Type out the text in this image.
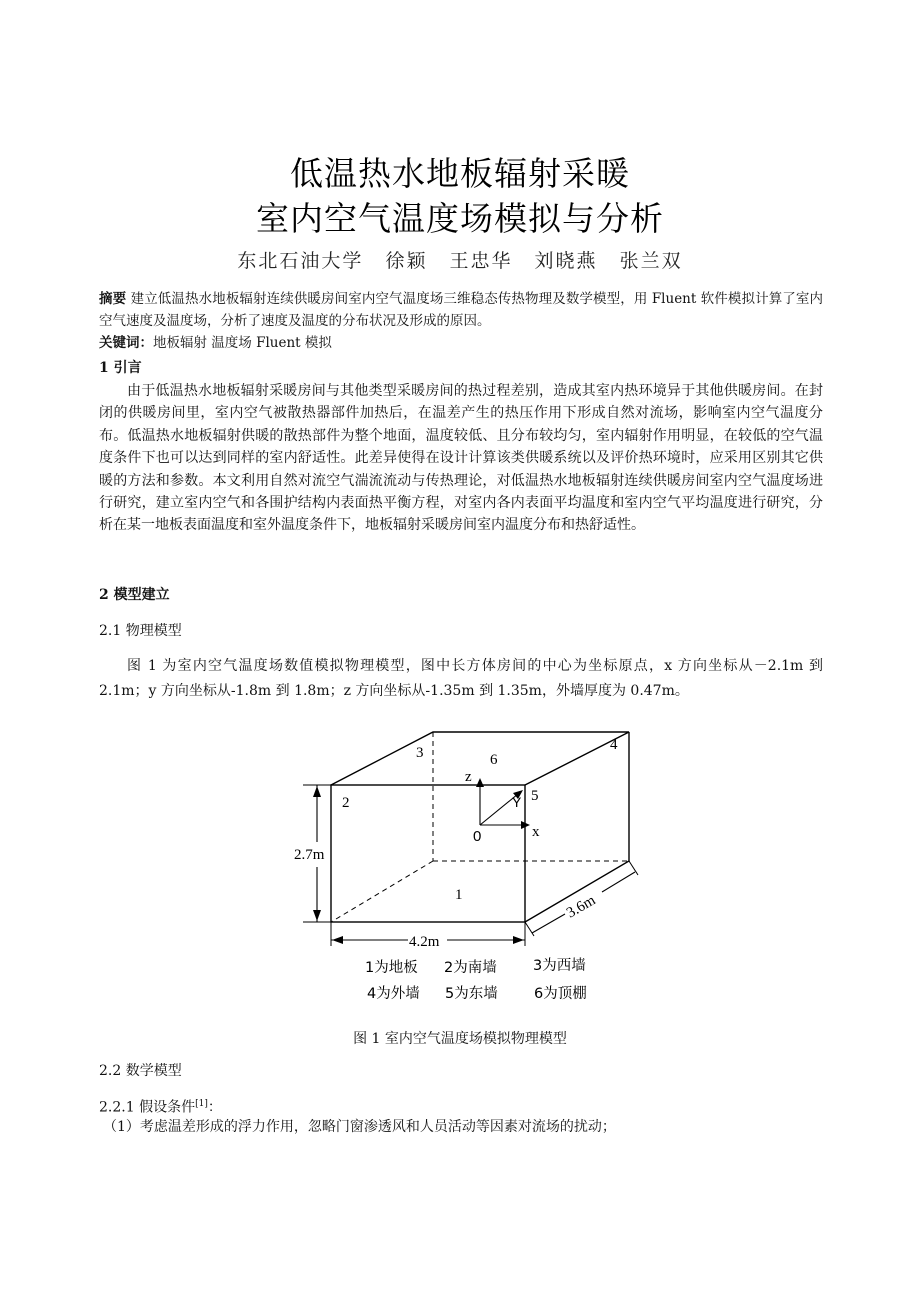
低温热水地板辐射采暖
室内空气温度场模拟与分析
东北石油大学 徐颖 王忠华 刘晓燕 张兰双
摘要 建立低温热水地板辐射连续供暖房间室内空气温度场三维稳态传热物理及数学模型，用 Fluent 软件模拟计算了室内空气速度及温度场，分析了速度及温度的分布状况及形成的原因。
关键词：地板辐射 温度场 Fluent 模拟
1 引言
由于低温热水地板辐射采暖房间与其他类型采暖房间的热过程差别，造成其室内热环境异于其他供暖房间。在封闭的供暖房间里，室内空气被散热器部件加热后，在温差产生的热压作用下形成自然对流场，影响室内空气温度分布。低温热水地板辐射供暖的散热部件为整个地面，温度较低、且分布较均匀，室内辐射作用明显，在较低的空气温度条件下也可以达到同样的室内舒适性。此差异使得在设计计算该类供暖系统以及评价热环境时，应采用区别其它供暖的方法和参数。本文利用自然对流空气湍流流动与传热理论，对低温热水地板辐射连续供暖房间室内空气温度场进行研究，建立室内空气和各围护结构内表面热平衡方程，对室内各内表面平均温度和室内空气平均温度进行研究，分析在某一地板表面温度和室外温度条件下，地板辐射采暖房间室内温度分布和热舒适性。
2 模型建立
2.1 物理模型
图 1 为室内空气温度场数值模拟物理模型，图中长方体房间的中心为坐标原点，x 方向坐标从－2.1m 到 2.1m；y 方向坐标从-1.8m 到 1.8m；z 方向坐标从-1.35m 到 1.35m，外墙厚度为 0.47m。
3	6
4
2	5
1
z
Y
x
0
2.7m
4.2m
3.6m
1为地板 2为南墙	3为西墙
4为外墙 5为东墙	6为顶棚
图 1 室内空气温度场模拟物理模型
2.2 数学模型
2.2.1 假设条件[1]：
（1）考虑温差形成的浮力作用，忽略门窗渗透风和人员活动等因素对流场的扰动；
